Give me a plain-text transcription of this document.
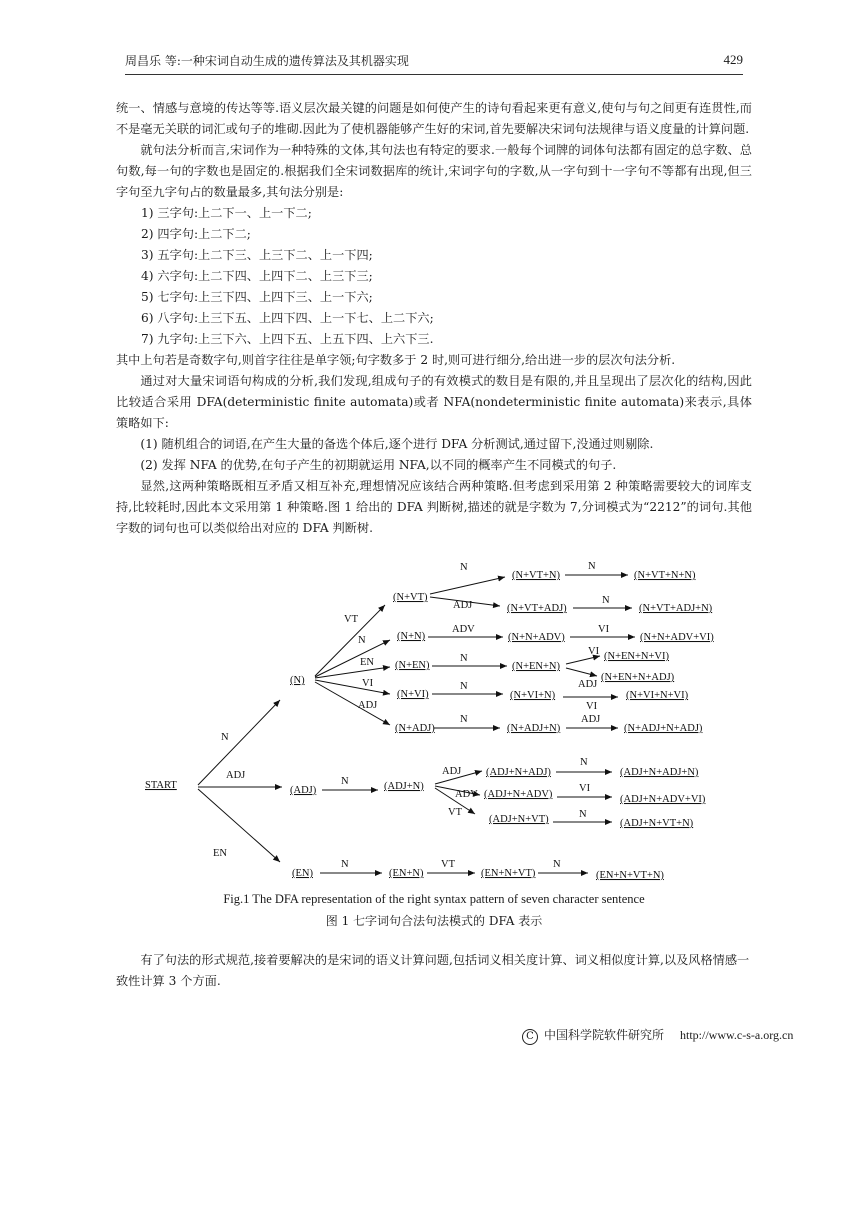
周昌乐 等:一种宋词自动生成的遗传算法及其机器实现	429

统一、情感与意境的传达等等.语义层次最关键的问题是如何使产生的诗句看起来更有意义,使句与句之间更有连贯性,而不是毫无关联的词汇或句子的堆砌.因此为了使机器能够产生好的宋词,首先要解决宋词句法规律与语义度量的计算问题.

就句法分析而言,宋词作为一种特殊的文体,其句法也有特定的要求.一般每个词牌的词体句法都有固定的总字数、总句数,每一句的字数也是固定的.根据我们全宋词数据库的统计,宋词字句的字数,从一字句到十一字句不等都有出现,但三字句至九字句占的数量最多,其句法分别是:

1) 三字句:上二下一、上一下二;

2) 四字句:上二下二;

3) 五字句:上二下三、上三下二、上一下四;

4) 六字句:上二下四、上四下二、上三下三;

5) 七字句:上三下四、上四下三、上一下六;

6) 八字句:上三下五、上四下四、上一下七、上二下六;

7) 九字句:上三下六、上四下五、上五下四、上六下三.

其中上句若是奇数字句,则首字往往是单字领;句字数多于 2 时,则可进行细分,给出进一步的层次句法分析.

通过对大量宋词语句构成的分析,我们发现,组成句子的有效模式的数目是有限的,并且呈现出了层次化的结构,因此比较适合采用 DFA(deterministic finite automata)或者 NFA(nondeterministic finite automata)来表示,具体策略如下:

(1) 随机组合的词语,在产生大量的备选个体后,逐个进行 DFA 分析测试,通过留下,没通过则剔除.

(2) 发挥 NFA 的优势,在句子产生的初期就运用 NFA,以不同的概率产生不同模式的句子.

显然,这两种策略既相互矛盾又相互补充,理想情况应该结合两种策略.但考虑到采用第 2 种策略需要较大的词库支持,比较耗时,因此本文采用第 1 种策略.图 1 给出的 DFA 判断树,描述的就是字数为 7,分词模式为“2212”的词句.其他字数的词句也可以类似给出对应的 DFA 判断树.

START
N
ADJ
EN
(N)
VT
N
EN
VI
ADJ
(N+VT)
(N+N)
(N+EN)
(N+VI)
(N+ADJ)
N
ADJ
(N+VT+N)
(N+VT+ADJ)
N
(N+VT+N+N)
N
(N+VT+ADJ+N)
ADV
(N+N+ADV)
VI
(N+N+ADV+VI)
N
(N+EN+N)
VI
ADJ
(N+EN+N+VI)
(N+EN+N+ADJ)
N
(N+VI+N)
VI
(N+VI+N+VI)
N
(N+ADJ+N)
ADJ
(N+ADJ+N+ADJ)
(ADJ)
N	(ADJ+N)
ADJ
ADV
VT
(ADJ+N+ADJ)
(ADJ+N+ADV)
(ADJ+N+VT)
N
(ADJ+N+ADJ+N)
VI
(ADJ+N+ADV+VI)
N
(ADJ+N+VT+N)
(EN)
N
(EN+N)
VT
(EN+N+VT)
N
(EN+N+VT+N)
Fig.1 The DFA representation of the right syntax pattern of seven character sentence
图 1 七字词句合法句法模式的 DFA 表示

有了句法的形式规范,接着要解决的是宋词的语义计算问题,包括词义相关度计算、词义相似度计算,以及风格情感一致性计算 3 个方面.

C 中国科学院软件研究所 http://www.c-s-a.org.cn
